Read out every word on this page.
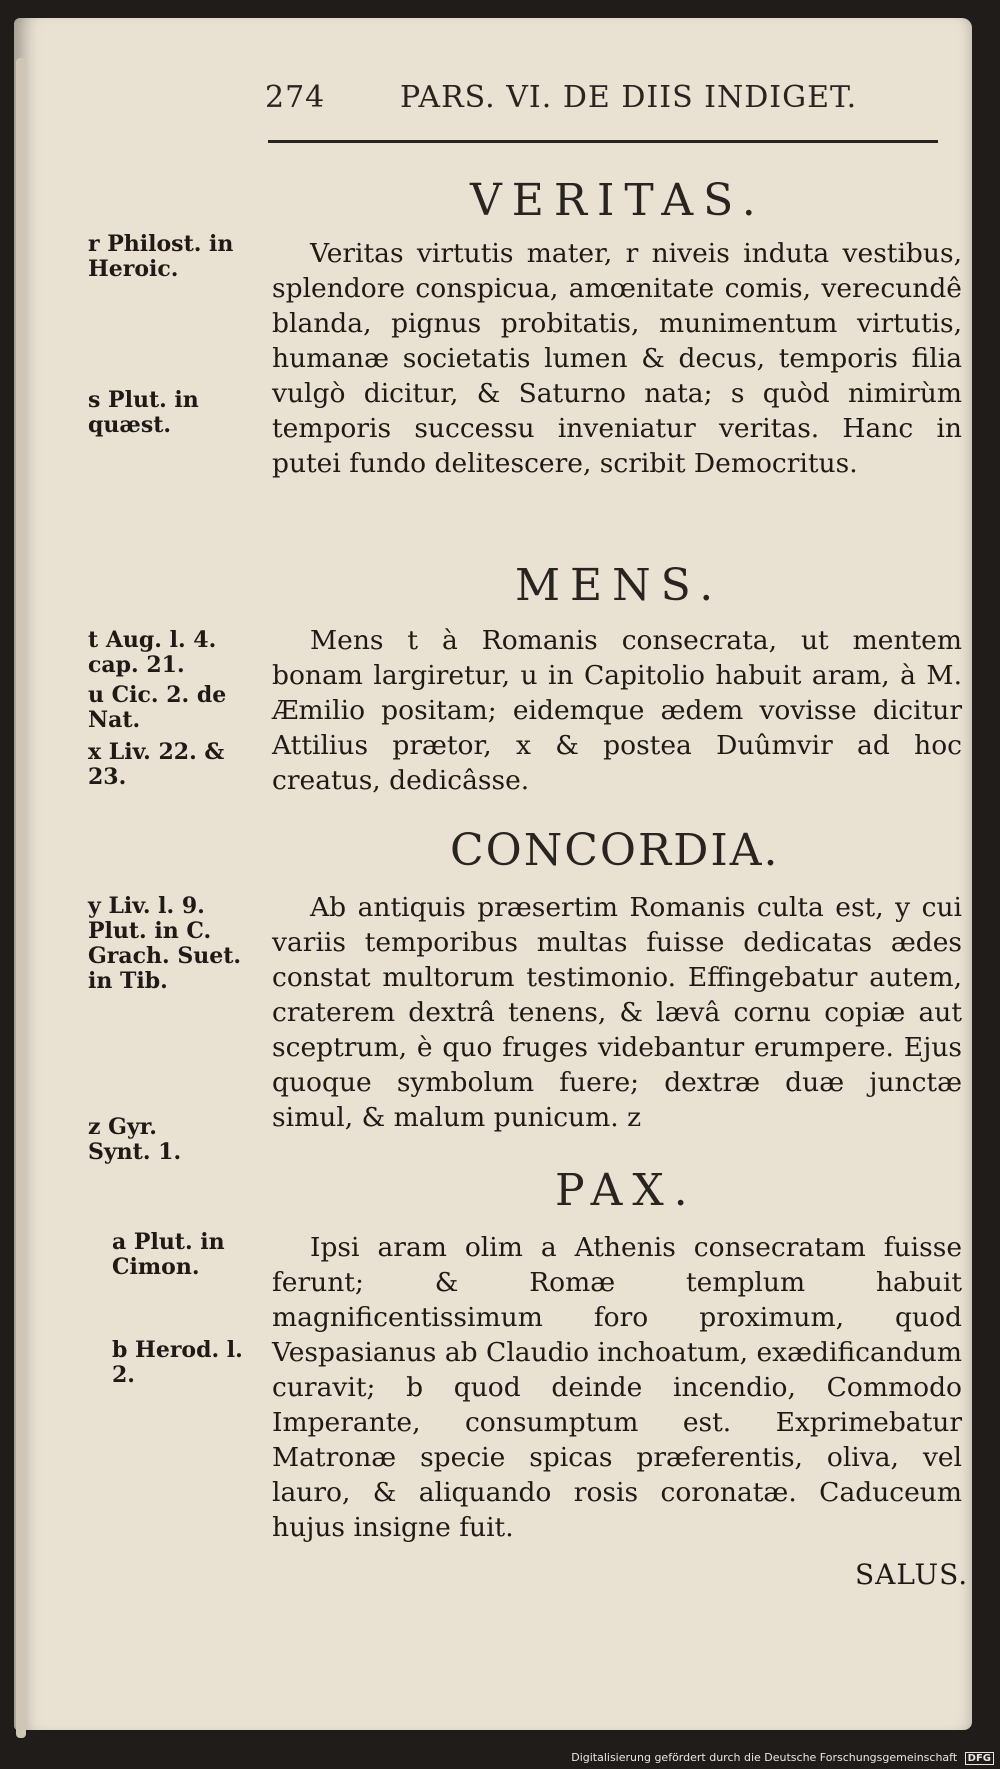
274 PARS. VI. DE DIIS INDIGET.
VERITAS.

Veritas virtutis mater, r niveis induta vestibus, splendore conspicua, amœnitate comis, verecundê blanda, pignus probitatis, munimentum virtutis, humanæ societatis lumen & decus, temporis filia vulgò dicitur, & Saturno nata; s quòd nimirùm temporis successu inveniatur veritas. Hanc in putei fundo delitescere, scribit Democritus.

r Philost. in Heroic.
s Plut. in quæst.
MENS.

Mens t à Romanis consecrata, ut mentem bonam largiretur, u in Capitolio habuit aram, à M. Æmilio positam; eidemque ædem vovisse dicitur Attilius prætor, x & postea Duûmvir ad hoc creatus, dedicâsse.

t Aug. l. 4. cap. 21.
u Cic. 2. de Nat.
x Liv. 22. & 23.
CONCORDIA.

Ab antiquis præsertim Romanis culta est, y cui variis temporibus multas fuisse dedicatas ædes constat multorum testimonio. Effingebatur autem, craterem dextrâ tenens, & lævâ cornu copiæ aut sceptrum, è quo fruges videbantur erumpere. Ejus quoque symbolum fuere; dextræ duæ junctæ simul, & malum punicum. z

y Liv. l. 9. Plut. in C. Grach. Suet. in Tib.
z Gyr. Synt. 1.
PAX.

Ipsi aram olim a Athenis consecratam fuisse ferunt; & Romæ templum habuit magnificentissimum foro proximum, quod Vespasianus ab Claudio inchoatum, exædificandum curavit; b quod deinde incendio, Commodo Imperante, consumptum est. Exprimebatur Matronæ specie spicas præferentis, oliva, vel lauro, & aliquando rosis coronatæ. Caduceum hujus insigne fuit.

a Plut. in Cimon.
b Herod. l. 2.
SALUS.
Digitalisierung gefördert durch die Deutsche Forschungsgemeinschaft DFG
